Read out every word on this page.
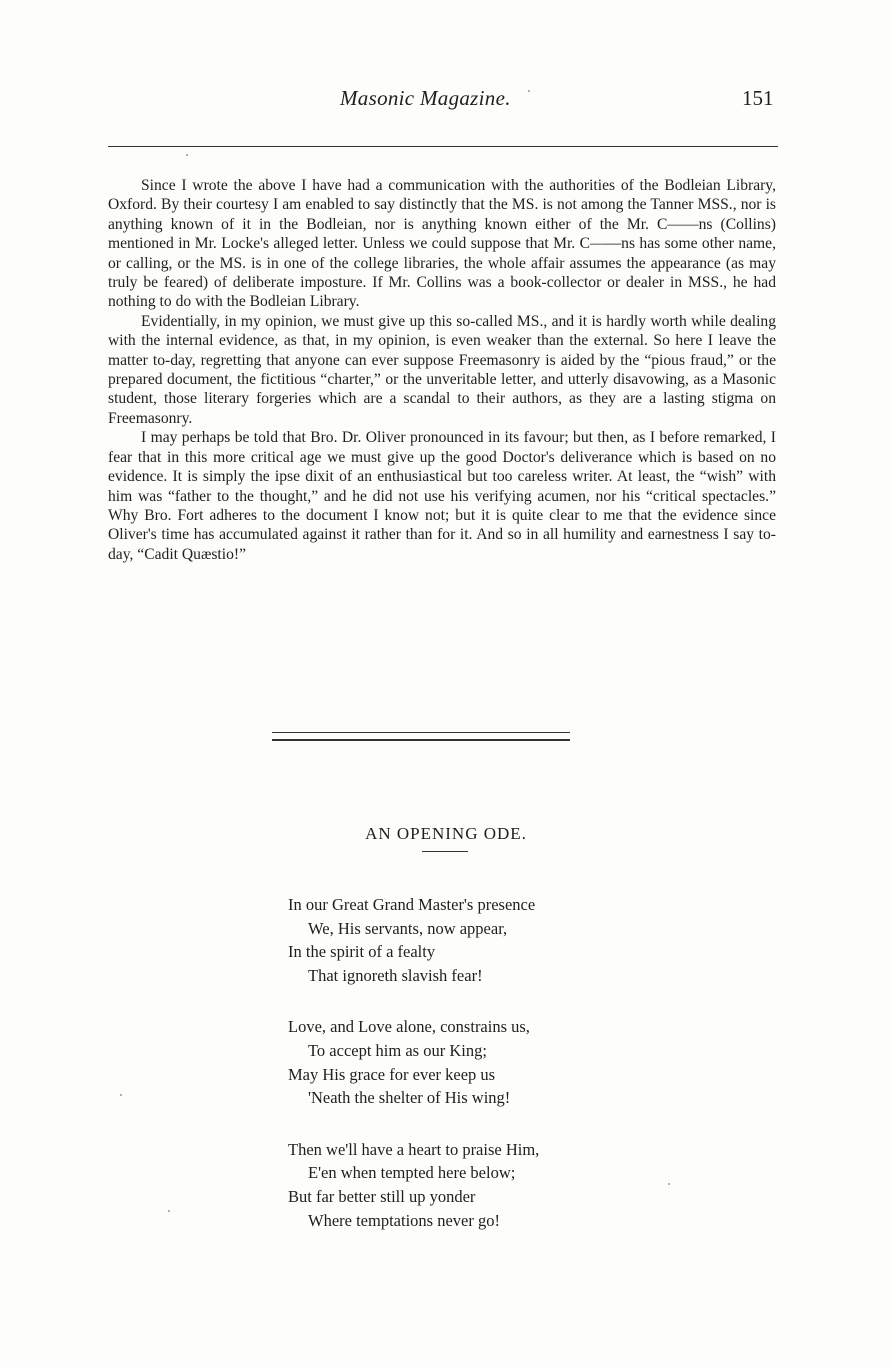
Masonic Magazine.	151

Since I wrote the above I have had a communication with the authorities of the Bodleian Library, Oxford. By their courtesy I am enabled to say distinctly that the MS. is not among the Tanner MSS., nor is anything known of it in the Bodleian, nor is anything known either of the Mr. C——ns (Collins) mentioned in Mr. Locke's alleged letter. Unless we could suppose that Mr. C——ns has some other name, or calling, or the MS. is in one of the college libraries, the whole affair assumes the appearance (as may truly be feared) of deliberate imposture. If Mr. Collins was a book-collector or dealer in MSS., he had nothing to do with the Bodleian Library.

Evidentially, in my opinion, we must give up this so-called MS., and it is hardly worth while dealing with the internal evidence, as that, in my opinion, is even weaker than the external. So here I leave the matter to-day, regretting that anyone can ever suppose Freemasonry is aided by the “pious fraud,” or the prepared document, the fictitious “charter,” or the unveritable letter, and utterly disavowing, as a Masonic student, those literary forgeries which are a scandal to their authors, as they are a lasting stigma on Freemasonry.

I may perhaps be told that Bro. Dr. Oliver pronounced in its favour; but then, as I before remarked, I fear that in this more critical age we must give up the good Doctor's deliverance which is based on no evidence. It is simply the ipse dixit of an enthusiastical but too careless writer. At least, the “wish” with him was “father to the thought,” and he did not use his verifying acumen, nor his “critical spectacles.” Why Bro. Fort adheres to the document I know not; but it is quite clear to me that the evidence since Oliver's time has accumulated against it rather than for it. And so in all humility and earnestness I say to-day, “Cadit Quæstio!”

AN OPENING ODE.
In our Great Grand Master's presence
We, His servants, now appear,
In the spirit of a fealty
That ignoreth slavish fear!
Love, and Love alone, constrains us,
To accept him as our King;
May His grace for ever keep us
'Neath the shelter of His wing!
Then we'll have a heart to praise Him,
E'en when tempted here below;
But far better still up yonder
Where temptations never go!
